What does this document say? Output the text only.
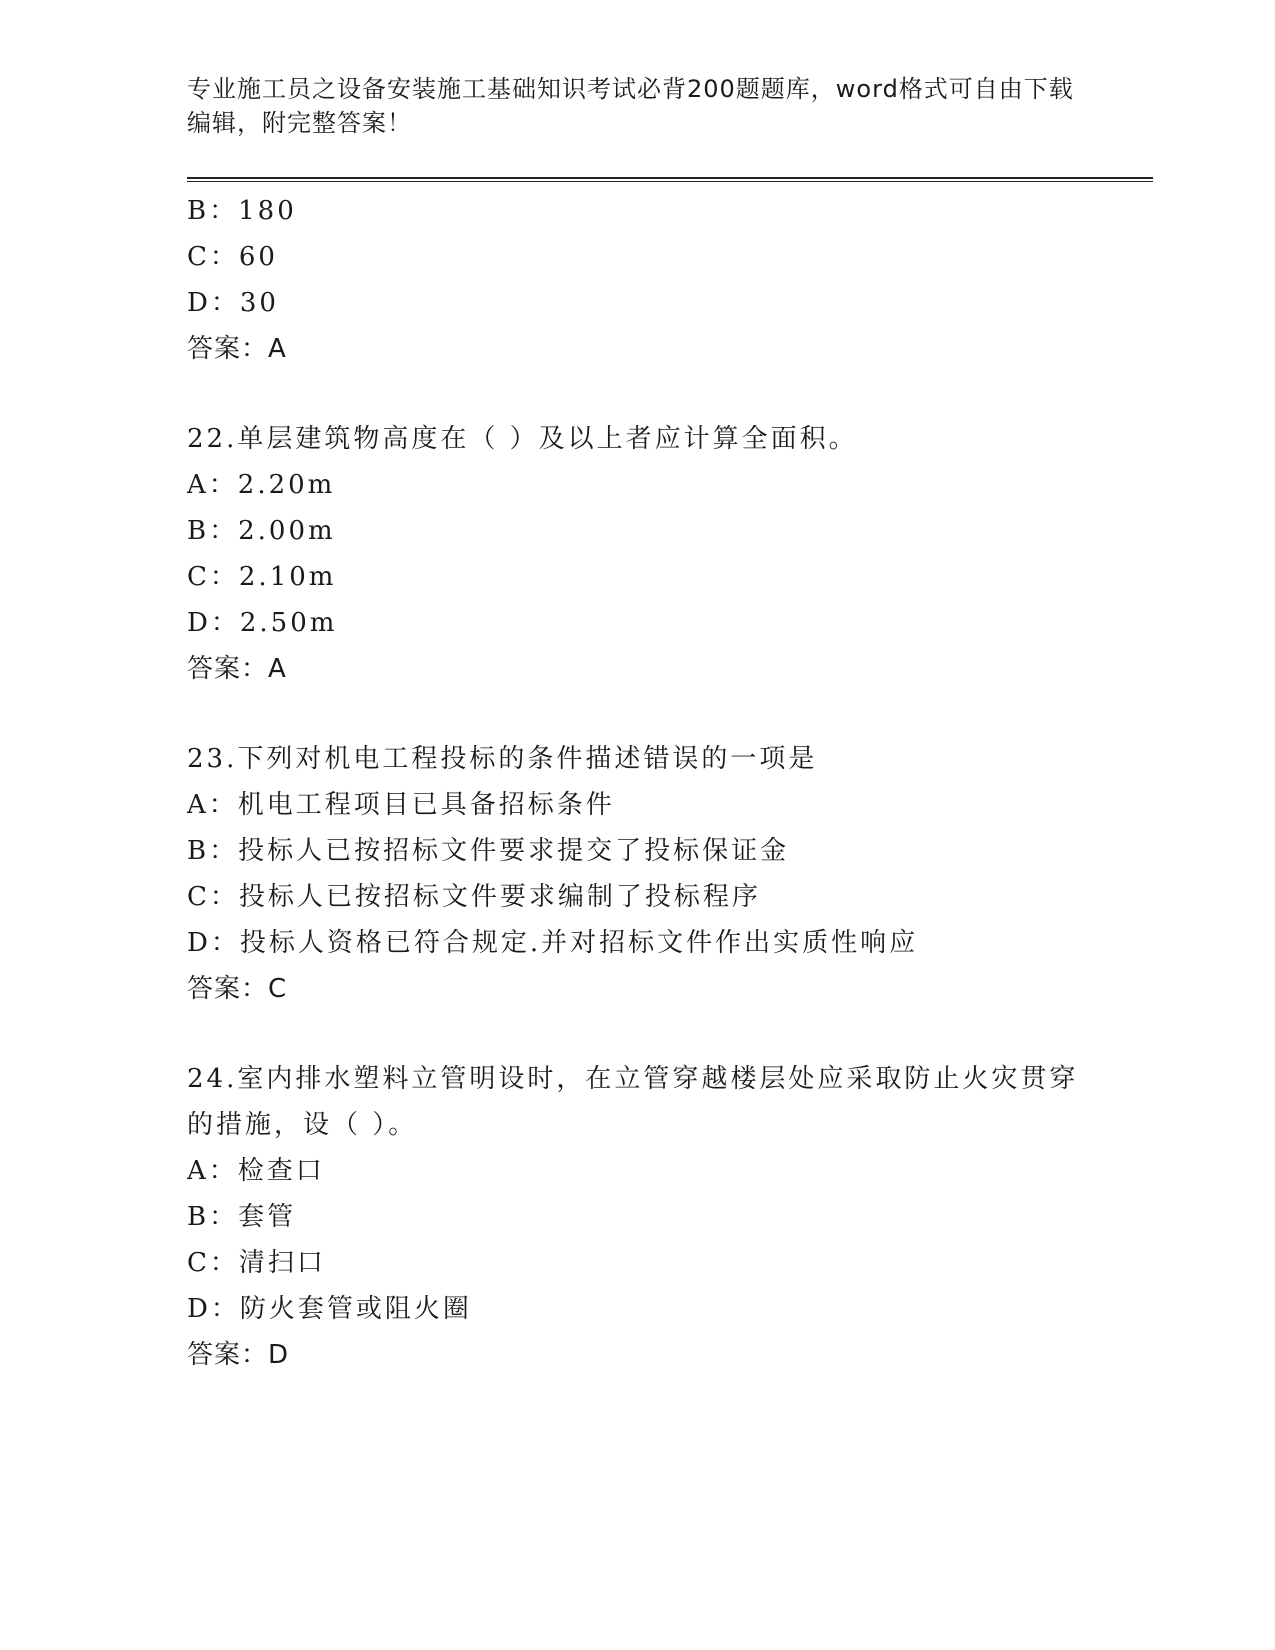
专业施工员之设备安装施工基础知识考试必背200题题库，word格式可自由下载
编辑，附完整答案！
B：180
C：60
D：30
答案：A
22.单层建筑物高度在（ ）及以上者应计算全面积。
A：2.20m
B：2.00m
C：2.10m
D：2.50m
答案：A
23.下列对机电工程投标的条件描述错误的一项是
A：机电工程项目已具备招标条件
B：投标人已按招标文件要求提交了投标保证金
C：投标人已按招标文件要求编制了投标程序
D：投标人资格已符合规定.并对招标文件作出实质性响应
答案：C
24.室内排水塑料立管明设时，在立管穿越楼层处应采取防止火灾贯穿
的措施，设（ ）。
A：检查口
B：套管
C：清扫口
D：防火套管或阻火圈
答案：D
